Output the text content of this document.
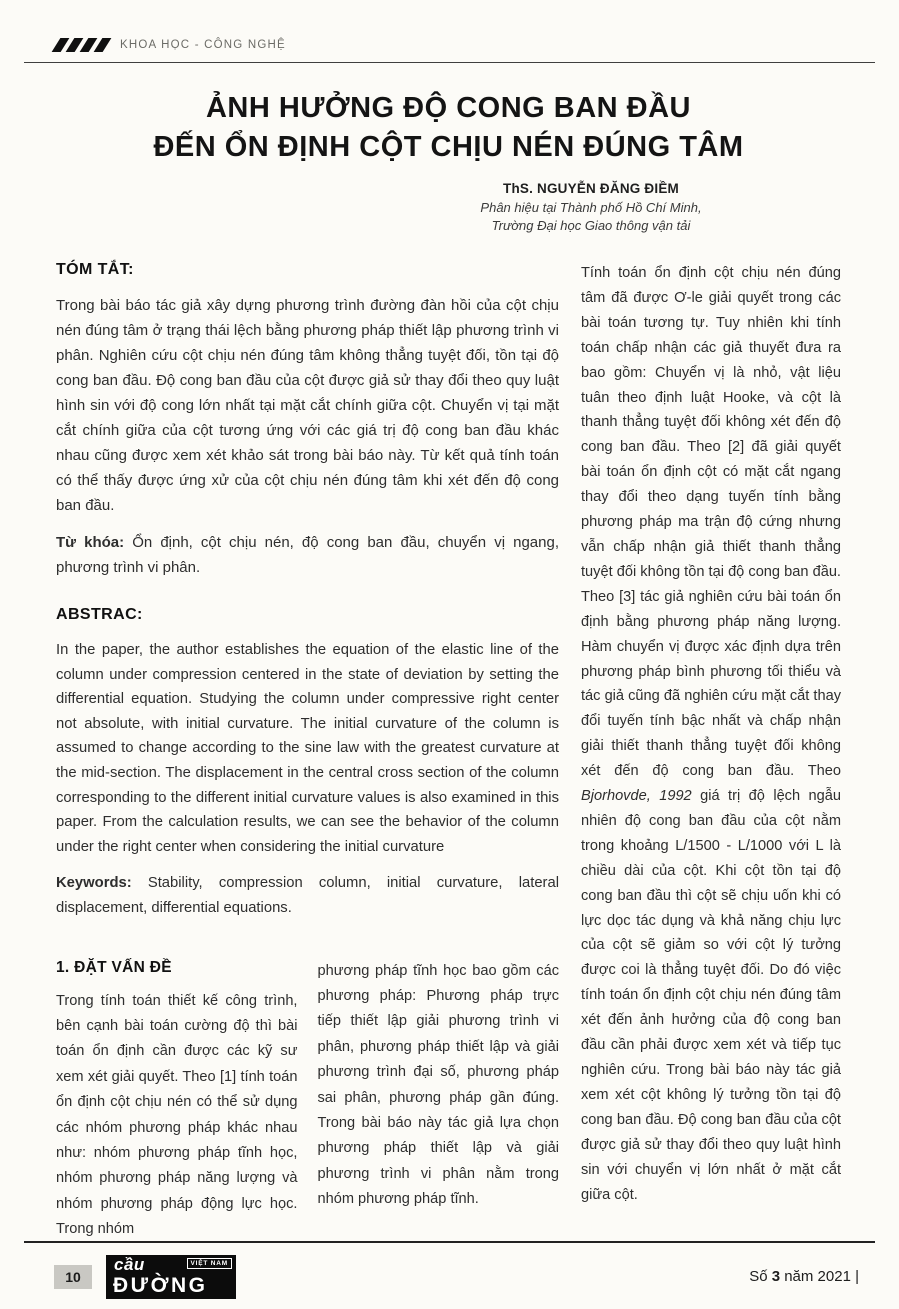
KHOA HỌC - CÔNG NGHỆ
ẢNH HƯỞNG ĐỘ CONG BAN ĐẦU
ĐẾN ỔN ĐỊNH CỘT CHỊU NÉN ĐÚNG TÂM
ThS. NGUYỄN ĐĂNG ĐIỀM
Phân hiệu tại Thành phố Hồ Chí Minh,
Trường Đại học Giao thông vận tải
TÓM TẮT:

Trong bài báo tác giả xây dựng phương trình đường đàn hồi của cột chịu nén đúng tâm ở trạng thái lệch bằng phương pháp thiết lập phương trình vi phân. Nghiên cứu cột chịu nén đúng tâm không thẳng tuyệt đối, tồn tại độ cong ban đầu. Độ cong ban đầu của cột được giả sử thay đổi theo quy luật hình sin với độ cong lớn nhất tại mặt cắt chính giữa cột. Chuyển vị tại mặt cắt chính giữa của cột tương ứng với các giá trị độ cong ban đầu khác nhau cũng được xem xét khảo sát trong bài báo này. Từ kết quả tính toán có thể thấy được ứng xử của cột chịu nén đúng tâm khi xét đến độ cong ban đầu.

Từ khóa: Ổn định, cột chịu nén, độ cong ban đầu, chuyển vị ngang, phương trình vi phân.

ABSTRAC:

In the paper, the author establishes the equation of the elastic line of the column under compression centered in the state of deviation by setting the differential equation. Studying the column under compressive right center not absolute, with initial curvature. The initial curvature of the column is assumed to change according to the sine law with the greatest curvature at the mid-section. The displacement in the central cross section of the column corresponding to the different initial curvature values is also examined in this paper. From the calculation results, we can see the behavior of the column under the right center when considering the initial curvature

Keywords: Stability, compression column, initial curvature, lateral displacement, differential equations.

1. ĐẶT VẤN ĐỀ

Trong tính toán thiết kế công trình, bên cạnh bài toán cường độ thì bài toán ổn định cần được các kỹ sư xem xét giải quyết. Theo [1] tính toán ổn định cột chịu nén có thể sử dụng các nhóm phương pháp khác nhau như: nhóm phương pháp tĩnh học, nhóm phương pháp năng lượng và nhóm phương pháp động lực học. Trong nhóm

phương pháp tĩnh học bao gồm các phương pháp: Phương pháp trực tiếp thiết lập giải phương trình vi phân, phương pháp thiết lập và giải phương trình đại số, phương pháp sai phân, phương pháp gần đúng. Trong bài báo này tác giả lựa chọn phương pháp thiết lập và giải phương trình vi phân nằm trong nhóm phương pháp tĩnh.

Tính toán ổn định cột chịu nén đúng tâm đã được Ơ-le giải quyết trong các bài toán tương tự. Tuy nhiên khi tính toán chấp nhận các giả thuyết đưa ra bao gồm: Chuyển vị là nhỏ, vật liệu tuân theo định luật Hooke, và cột là thanh thẳng tuyệt đối không xét đến độ cong ban đầu. Theo [2] đã giải quyết bài toán ổn định cột có mặt cắt ngang thay đổi theo dạng tuyến tính bằng phương pháp ma trận độ cứng nhưng vẫn chấp nhận giả thiết thanh thẳng tuyệt đối không tồn tại độ cong ban đầu. Theo [3] tác giả nghiên cứu bài toán ổn định bằng phương pháp năng lượng. Hàm chuyển vị được xác định dựa trên phương pháp bình phương tối thiểu và tác giả cũng đã nghiên cứu mặt cắt thay đổi tuyến tính bậc nhất và chấp nhận giải thiết thanh thẳng tuyệt đối không xét đến độ cong ban đầu. Theo Bjorhovde, 1992 giá trị độ lệch ngẫu nhiên độ cong ban đầu của cột nằm trong khoảng L/1500 - L/1000 với L là chiều dài của cột. Khi cột tồn tại độ cong ban đầu thì cột sẽ chịu uốn khi có lực dọc tác dụng và khả năng chịu lực của cột sẽ giảm so với cột lý tưởng được coi là thẳng tuyệt đối. Do đó việc tính toán ổn định cột chịu nén đúng tâm xét đến ảnh hưởng của độ cong ban đầu cần phải được xem xét và tiếp tục nghiên cứu. Trong bài báo này tác giả xem xét cột không lý tưởng tồn tại độ cong ban đầu. Độ cong ban đầu của cột được giả sử thay đổi theo quy luật hình sin với chuyển vị lớn nhất ở mặt cắt giữa cột.

10
cầu	VIỆT NAM
ĐƯỜNG	Số 3 năm 2021 |
